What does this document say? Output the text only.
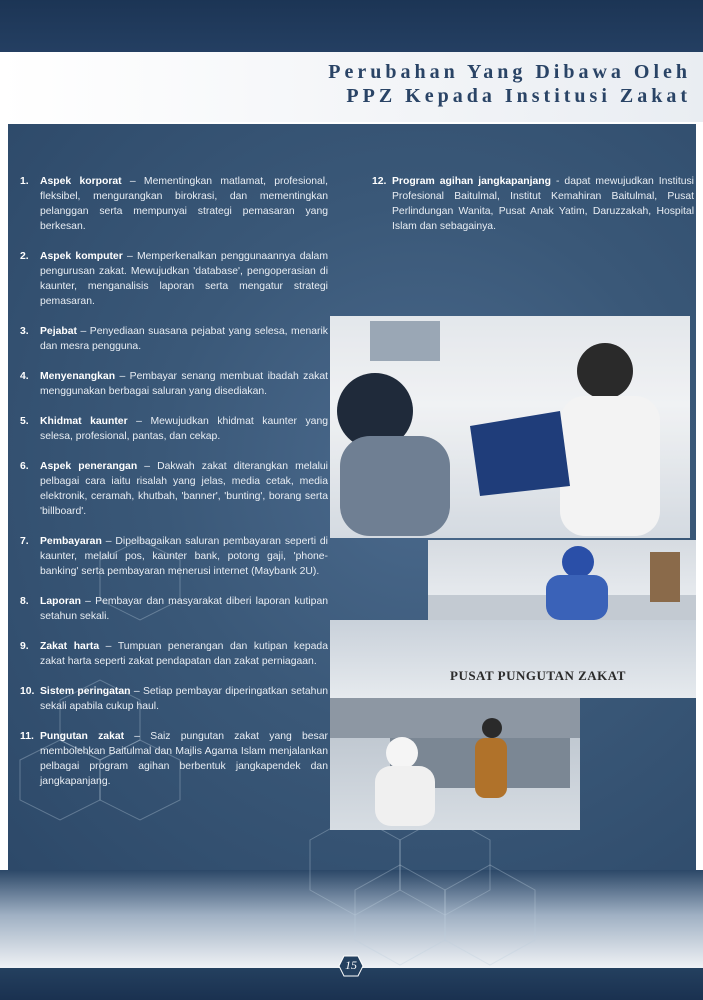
Perubahan Yang Dibawa Oleh
PPZ Kepada Institusi Zakat
PUSAT PUNGUTAN ZAKAT
1. Aspek korporat – Mementingkan matlamat, profesional, fleksibel, mengurangkan birokrasi, dan mementingkan pelanggan serta mempunyai strategi pemasaran yang berkesan.
2. Aspek komputer – Memperkenalkan penggunaannya dalam pengurusan zakat. Mewujudkan 'database', pengoperasian di kaunter, menganalisis laporan serta mengatur strategi pemasaran.
3. Pejabat – Penyediaan suasana pejabat yang selesa, menarik dan mesra pengguna.
4. Menyenangkan – Pembayar senang membuat ibadah zakat menggunakan berbagai saluran yang disediakan.
5. Khidmat kaunter – Mewujudkan khidmat kaunter yang selesa, profesional, pantas, dan cekap.
6. Aspek penerangan – Dakwah zakat diterangkan melalui pelbagai cara iaitu risalah yang jelas, media cetak, media elektronik, ceramah, khutbah, 'banner', 'bunting', borang serta 'billboard'.
7. Pembayaran – Dipelbagaikan saluran pembayaran seperti di kaunter, melalui pos, kaunter bank, potong gaji, 'phone-banking' serta pembayaran menerusi internet (Maybank 2U).
8. Laporan – Pembayar dan masyarakat diberi laporan kutipan setahun sekali.
9. Zakat harta – Tumpuan penerangan dan kutipan kepada zakat harta seperti zakat pendapatan dan zakat perniagaan.
10. Sistem peringatan – Setiap pembayar diperingatkan setahun sekali apabila cukup haul.
11. Pungutan zakat – Saiz pungutan zakat yang besar membolehkan Baitulmal dan Majlis Agama Islam menjalankan pelbagai program agihan berbentuk jangkapendek dan jangkapanjang.
12. Program agihan jangkapanjang - dapat mewujudkan Institusi Profesional Baitulmal, Institut Kemahiran Baitulmal, Pusat Perlindungan Wanita, Pusat Anak Yatim, Daruzzakah, Hospital Islam dan sebagainya.
15
